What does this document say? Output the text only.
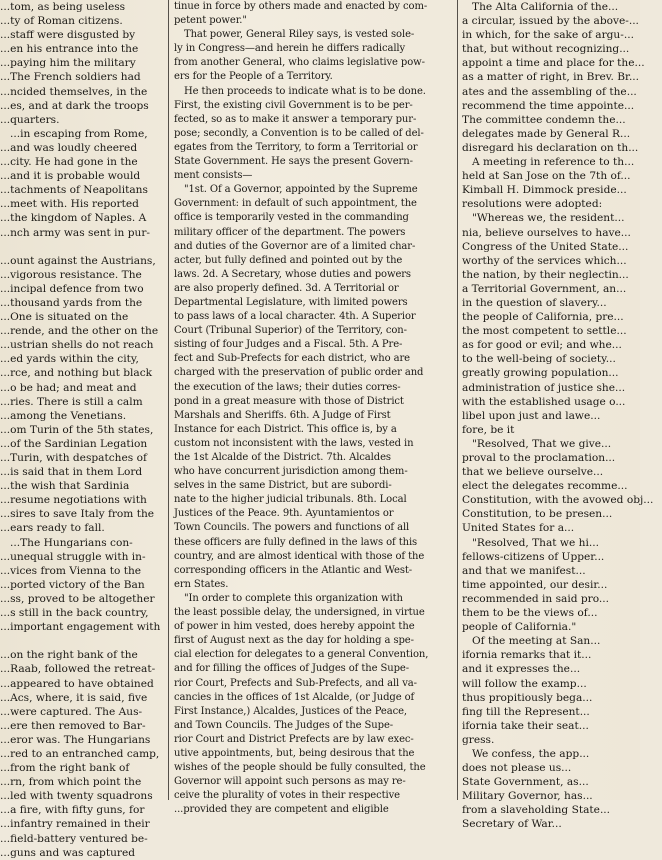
...tom, as being useless

...ty of Roman citizens.

...staff were disgusted by

...en his entrance into the

...paying him the military

...The French soldiers had

...ncided themselves, in the

...es, and at dark the troops

...quarters.

...in escaping from Rome,

...and was loudly cheered

...city. He had gone in the

...and it is probable would

...tachments of Neapolitans

...meet with. His reported

...the kingdom of Naples. A

...nch army was sent in pur-

...ount against the Austrians,

...vigorous resistance. The

...incipal defence from two

...thousand yards from the

...One is situated on the

...rende, and the other on the

...ustrian shells do not reach

...ed yards within the city,

...rce, and nothing but black

...o be had; and meat and

...ries. There is still a calm

...among the Venetians.

...om Turin of the 5th states,

...of the Sardinian Legation

...Turin, with despatches of

...is said that in them Lord

...the wish that Sardinia

...resume negotiations with

...sires to save Italy from the

...ears ready to fall.

...The Hungarians con-

...unequal struggle with in-

...vices from Vienna to the

...ported victory of the Ban

...ss, proved to be altogether

...s still in the back country,

...important engagement with

...on the right bank of the

...Raab, followed the retreat-

...appeared to have obtained

...Acs, where, it is said, five

...were captured. The Aus-

...ere then removed to Bar-

...eror was. The Hungarians

...red to an entranched camp,

...from the right bank of

...rn, from which point the

...led with twenty squadrons

...a fire, with fifty guns, for

...infantry remained in their

...field-battery ventured be-

...guns and was captured

tinue in force by others made and enacted by com-

petent power."

That power, General Riley says, is vested sole-

ly in Congress—and herein he differs radically

from another General, who claims legislative pow-

ers for the People of a Territory.

He then proceeds to indicate what is to be done.

First, the existing civil Government is to be per-

fected, so as to make it answer a temporary pur-

pose; secondly, a Convention is to be called of del-

egates from the Territory, to form a Territorial or

State Government. He says the present Govern-

ment consists—

"1st. Of a Governor, appointed by the Supreme

Government: in default of such appointment, the

office is temporarily vested in the commanding

military officer of the department. The powers

and duties of the Governor are of a limited char-

acter, but fully defined and pointed out by the

laws. 2d. A Secretary, whose duties and powers

are also properly defined. 3d. A Territorial or

Departmental Legislature, with limited powers

to pass laws of a local character. 4th. A Superior

Court (Tribunal Superior) of the Territory, con-

sisting of four Judges and a Fiscal. 5th. A Pre-

fect and Sub-Prefects for each district, who are

charged with the preservation of public order and

the execution of the laws; their duties corres-

pond in a great measure with those of District

Marshals and Sheriffs. 6th. A Judge of First

Instance for each District. This office is, by a

custom not inconsistent with the laws, vested in

the 1st Alcalde of the District. 7th. Alcaldes

who have concurrent jurisdiction among them-

selves in the same District, but are subordi-

nate to the higher judicial tribunals. 8th. Local

Justices of the Peace. 9th. Ayuntamientos or

Town Councils. The powers and functions of all

these officers are fully defined in the laws of this

country, and are almost identical with those of the

corresponding officers in the Atlantic and West-

ern States.

"In order to complete this organization with

the least possible delay, the undersigned, in virtue

of power in him vested, does hereby appoint the

first of August next as the day for holding a spe-

cial election for delegates to a general Convention,

and for filling the offices of Judges of the Supe-

rior Court, Prefects and Sub-Prefects, and all va-

cancies in the offices of 1st Alcalde, (or Judge of

First Instance,) Alcaldes, Justices of the Peace,

and Town Councils. The Judges of the Supe-

rior Court and District Prefects are by law exec-

utive appointments, but, being desirous that the

wishes of the people should be fully consulted, the

Governor will appoint such persons as may re-

ceive the plurality of votes in their respective

...provided they are competent and eligible

The Alta California of the...

a circular, issued by the above-...

in which, for the sake of argu-...

that, but without recognizing...

appoint a time and place for the...

as a matter of right, in Brev. Br...

ates and the assembling of the...

recommend the time appointe...

The committee condemn the...

delegates made by General R...

disregard his declaration on th...

A meeting in reference to th...

held at San Jose on the 7th of...

Kimball H. Dimmock preside...

resolutions were adopted:

"Whereas we, the resident...

nia, believe ourselves to have...

Congress of the United State...

worthy of the services which...

the nation, by their neglectin...

a Territorial Government, an...

in the question of slavery...

the people of California, pre...

the most competent to settle...

as for good or evil; and whe...

to the well-being of society...

greatly growing population...

administration of justice she...

with the established usage o...

libel upon just and lawe...

fore, be it

"Resolved, That we give...

proval to the proclamation...

that we believe ourselve...

elect the delegates recomme...

Constitution, with the avowed obj...

Constitution, to be presen...

United States for a...

"Resolved, That we hi...

fellows-citizens of Upper...

and that we manifest...

time appointed, our desir...

recommended in said pro...

them to be the views of...

people of California."

Of the meeting at San...

ifornia remarks that it...

and it expresses the...

will follow the examp...

thus propitiously bega...

fing till the Represent...

ifornia take their seat...

gress.

We confess, the app...

does not please us...

State Government, as...

Military Governor, has...

from a slaveholding State...

Secretary of War...
